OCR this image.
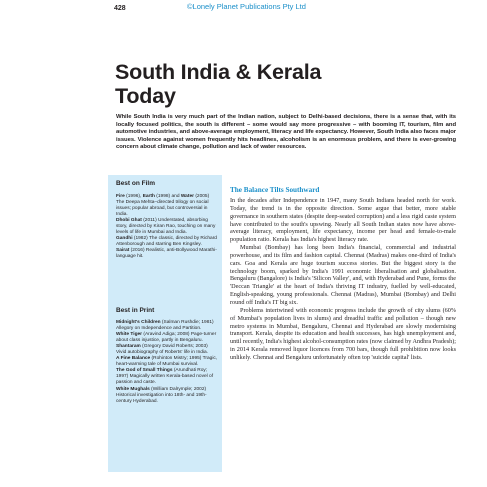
428	©Lonely Planet Publications Pty Ltd
South India & Kerala
Today
While South India is very much part of the Indian nation, subject to Delhi-based decisions, there is a sense that, with its locally focused politics, the south is different – some would say more progressive – with booming IT, tourism, film and automotive industries, and above-average employment, literacy and life expectancy. However, South India also faces major issues. Violence against women frequently hits headlines, alcoholism is an enormous problem, and there is ever-growing concern about climate change, pollution and lack of water resources.
Best on Film

Fire (1996), Earth (1998) and Water (2005) The Deepa Mehta–directed trilogy on social issues; popular abroad, but controversial in India.

Dhobi Ghat (2011) Understated, absorbing story, directed by Kiran Rao, touching on many levels of life in Mumbai and India.

Gandhi (1982) The classic, directed by Richard Attenborough and starring Ben Kingsley.

Sairat (2016) Realistic, anti-Bollywood Marathi-language hit.

Best in Print

Midnight's Children (Salman Rushdie; 1981) Allegory on Independence and Partition.

White Tiger (Aravind Adiga; 2008) Page-turner about class injustice, partly in Bengaluru.

Shantaram (Gregory David Roberts; 2003) Vivid autobiography of Roberts' life in India.

A Fine Balance (Rohinton Mistry; 1995) Tragic, heart-warming tale of Mumbai survival.

The God of Small Things (Arundhati Roy; 1997) Magically written Kerala-based novel of passion and caste.

White Mughals (William Dalrymple; 2002) Historical investigation into 18th- and 19th-century Hyderabad.

The Balance Tilts Southward

In the decades after Independence in 1947, many South Indians headed north for work. Today, the trend is in the opposite direction. Some argue that better, more stable governance in southern states (despite deep-seated corruption) and a less rigid caste system have contributed to the south's upswing. Nearly all South Indian states now have above-average literacy, employment, life expectancy, income per head and female-to-male population ratio. Kerala has India's highest literacy rate.

Mumbai (Bombay) has long been India's financial, commercial and industrial powerhouse, and its film and fashion capital. Chennai (Madras) makes one-third of India's cars. Goa and Kerala are huge tourism success stories. But the biggest story is the technology boom, sparked by India's 1991 economic liberalisation and globalisation. Bengaluru (Bangalore) is India's 'Silicon Valley', and, with Hyderabad and Pune, forms the 'Deccan Triangle' at the heart of India's thriving IT industry, fuelled by well-educated, English-speaking, young professionals. Chennai (Madras), Mumbai (Bombay) and Delhi round off India's IT big six.

Problems intertwined with economic progress include the growth of city slums (60% of Mumbai's population lives in slums) and dreadful traffic and pollution – though new metro systems in Mumbai, Bengaluru, Chennai and Hyderabad are slowly modernising transport. Kerala, despite its education and health successes, has high unemployment and, until recently, India's highest alcohol-consumption rates (now claimed by Andhra Pradesh); in 2014 Kerala removed liquor licences from 700 bars, though full prohibition now looks unlikely. Chennai and Bengaluru unfortunately often top 'suicide capital' lists.
